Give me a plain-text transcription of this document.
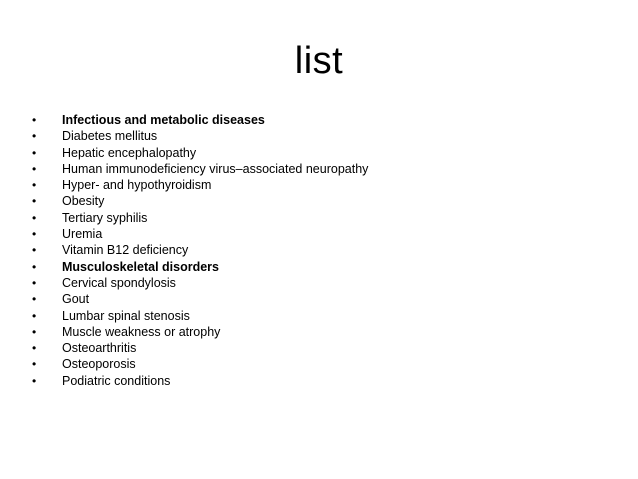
list
•	Infectious and metabolic diseases
•	Diabetes mellitus
•	Hepatic encephalopathy
•	Human immunodeficiency virus–associated neuropathy
•	Hyper- and hypothyroidism
•	Obesity
•	Tertiary syphilis
•	Uremia
•	Vitamin B12 deficiency
•	Musculoskeletal disorders
•	Cervical spondylosis
•	Gout
•	Lumbar spinal stenosis
•	Muscle weakness or atrophy
•	Osteoarthritis
•	Osteoporosis
•	Podiatric conditions
